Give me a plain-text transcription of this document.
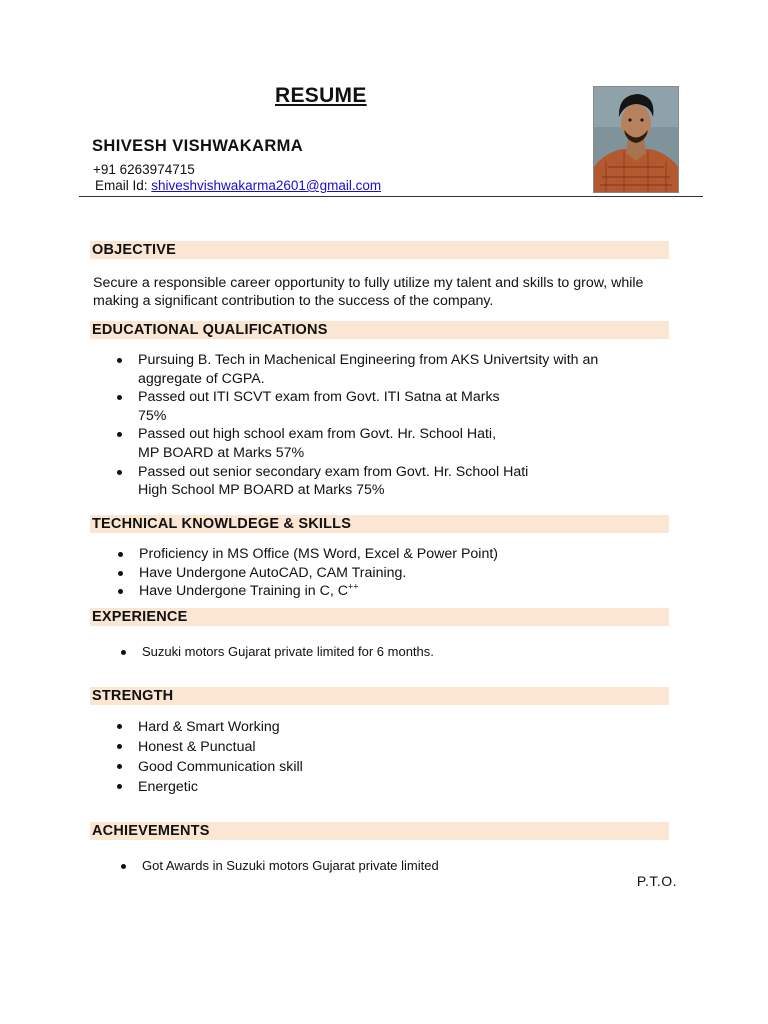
RESUME
SHIVESH VISHWAKARMA
+91 6263974715
Email Id: shiveshvishwakarma2601@gmail.com
OBJECTIVE
Secure a responsible career opportunity to fully utilize my talent and skills to grow, while making a significant contribution to the success of the company.
EDUCATIONAL QUALIFICATIONS
Pursuing B. Tech in Machenical Engineering from AKS Univertsity with an
aggregate of CGPA.
Passed out ITI SCVT exam from Govt. ITI Satna at Marks
75%
Passed out high school exam from Govt. Hr. School Hati,
MP BOARD at Marks 57%
Passed out senior secondary exam from Govt. Hr. School Hati
High School MP BOARD at Marks 75%
TECHNICAL KNOWLDEGE & SKILLS
Proficiency in MS Office (MS Word, Excel & Power Point)
Have Undergone AutoCAD, CAM Training.
Have Undergone Training in C, C++
EXPERIENCE
Suzuki motors Gujarat private limited for 6 months.
STRENGTH
Hard & Smart Working
Honest & Punctual
Good Communication skill
Energetic
ACHIEVEMENTS
Got Awards in Suzuki motors Gujarat private limited
P.T.O.
